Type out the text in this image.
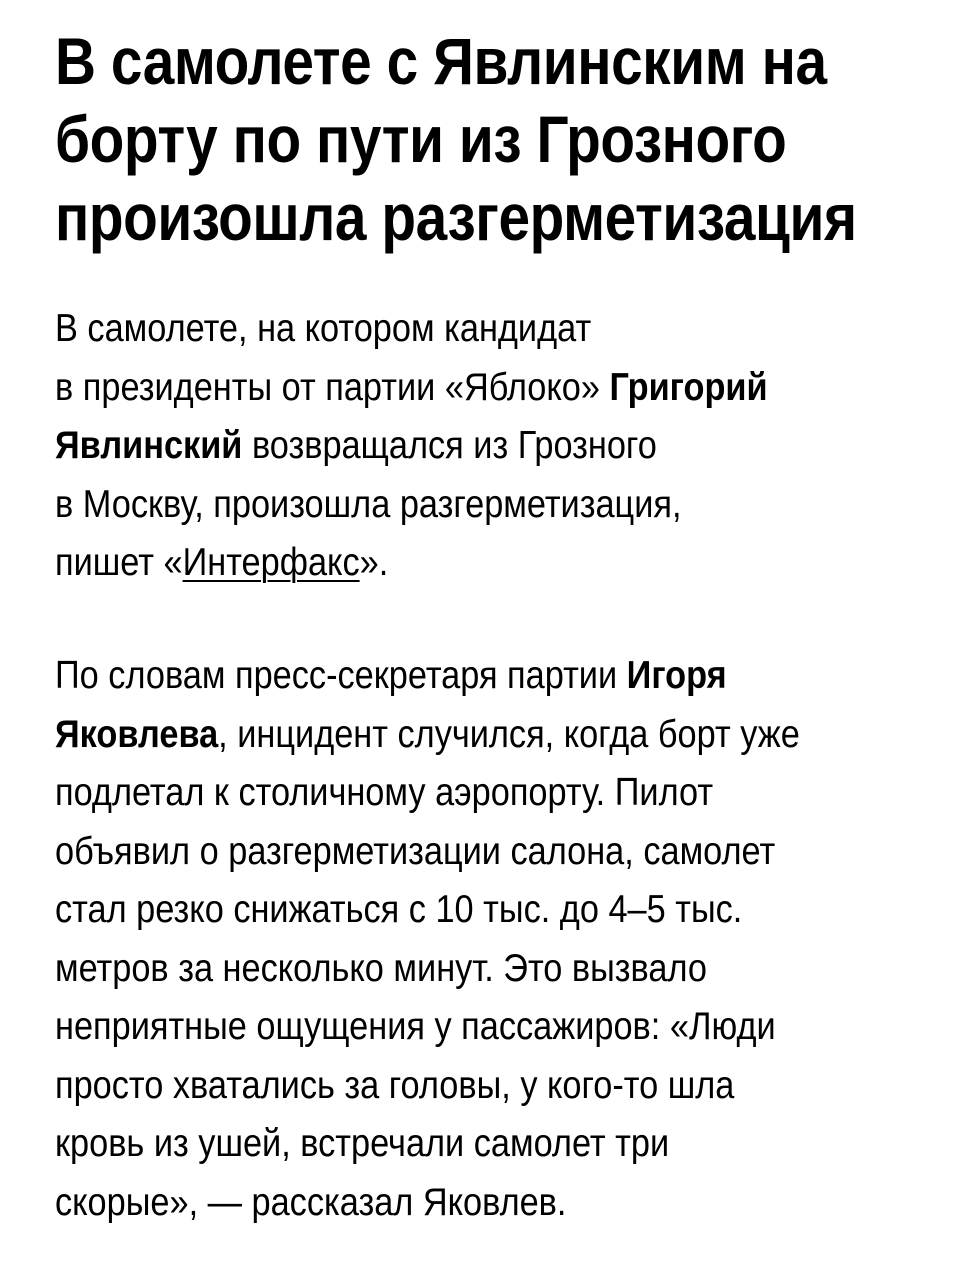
В самолете с Явлинским на
борту по пути из Грозного
произошла разгерметизация

В самолете, на котором кандидат
в президенты от партии «Яблоко» Григорий
Явлинский возвращался из Грозного
в Москву, произошла разгерметизация,
пишет «Интерфакс».

По словам пресс-секретаря партии Игоря
Яковлева, инцидент случился, когда борт уже
подлетал к столичному аэропорту. Пилот
объявил о разгерметизации салона, самолет
стал резко снижаться с 10 тыс. до 4–5 тыс.
метров за несколько минут. Это вызвало
неприятные ощущения у пассажиров: «Люди
просто хватались за головы, у кого-то шла
кровь из ушей, встречали самолет три
скорые», — рассказал Яковлев.
